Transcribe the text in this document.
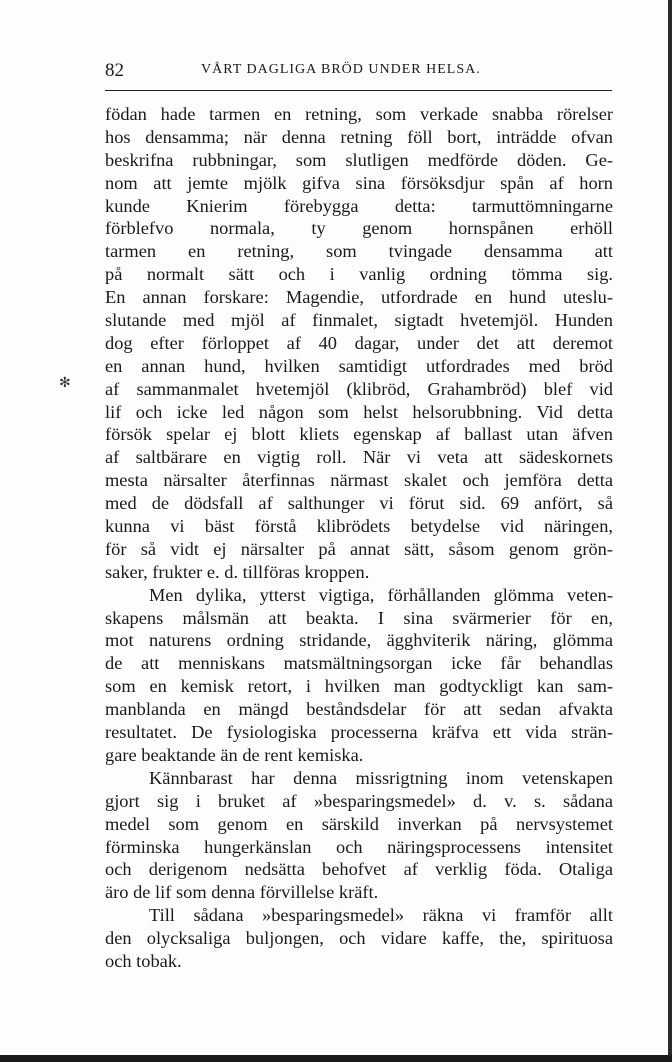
82	VÅRT DAGLIGA BRÖD UNDER HELSA.
✻
födan hade tarmen en retning, som verkade snabba rörelser
hos densamma; när denna retning föll bort, inträdde ofvan
beskrifna rubbningar, som slutligen medförde döden. Ge-
nom att jemte mjölk gifva sina försöksdjur spån af horn
kunde Knierim förebygga detta: tarmuttömningarne
förblefvo normala, ty genom hornspånen erhöll
tarmen en retning, som tvingade densamma att
på normalt sätt och i vanlig ordning tömma sig.
En annan forskare: Magendie, utfordrade en hund uteslu-
slutande med mjöl af finmalet, sigtadt hvetemjöl. Hunden
dog efter förloppet af 40 dagar, under det att deremot
en annan hund, hvilken samtidigt utfordrades med bröd
af sammanmalet hvetemjöl (klibröd, Grahambröd) blef vid
lif och icke led någon som helst helsorubbning. Vid detta
försök spelar ej blott kliets egenskap af ballast utan äfven
af saltbärare en vigtig roll. När vi veta att sädeskornets
mesta närsalter återfinnas närmast skalet och jemföra detta
med de dödsfall af salthunger vi förut sid. 69 anfört, så
kunna vi bäst förstå klibrödets betydelse vid näringen,
för så vidt ej närsalter på annat sätt, såsom genom grön-
saker, frukter e. d. tillföras kroppen.
Men dylika, ytterst vigtiga, förhållanden glömma veten-
skapens målsmän att beakta. I sina svärmerier för en,
mot naturens ordning stridande, ägghviterik näring, glömma
de att menniskans matsmältningsorgan icke får behandlas
som en kemisk retort, i hvilken man godtyckligt kan sam-
manblanda en mängd beståndsdelar för att sedan afvakta
resultatet. De fysiologiska processerna kräfva ett vida strän-
gare beaktande än de rent kemiska.
Kännbarast har denna missrigtning inom vetenskapen
gjort sig i bruket af »besparingsmedel» d. v. s. sådana
medel som genom en särskild inverkan på nervsystemet
förminska hungerkänslan och näringsprocessens intensitet
och derigenom nedsätta behofvet af verklig föda. Otaliga
äro de lif som denna förvillelse kräft.
Till sådana »besparingsmedel» räkna vi framför allt
den olycksaliga buljongen, och vidare kaffe, the, spirituosa
och tobak.
